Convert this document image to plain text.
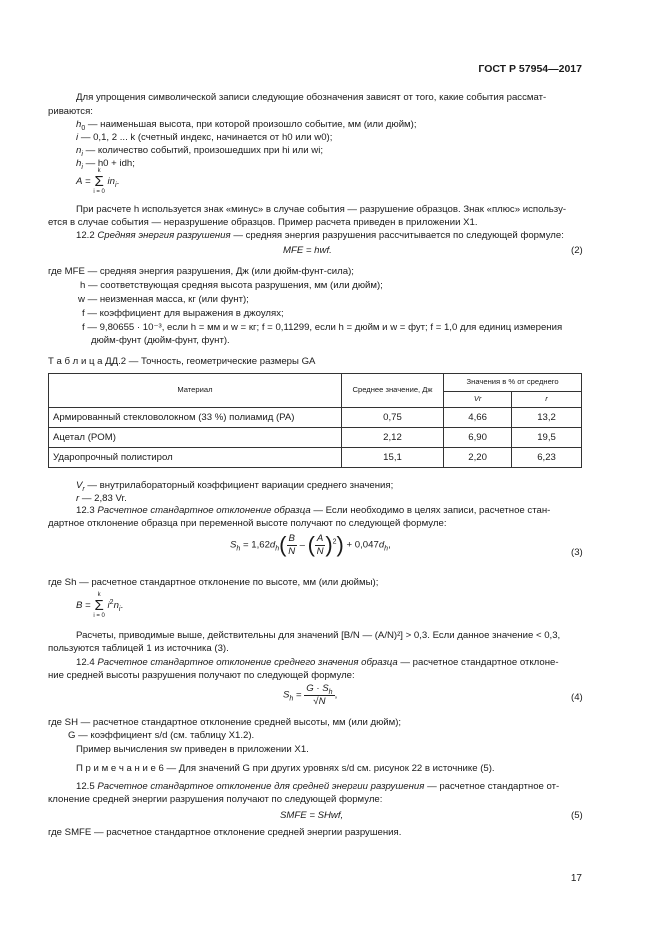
ГОСТ Р 57954—2017
Для упрощения символической записи следующие обозначения зависят от того, какие события рассмат-
риваются:
$h_0$ — наименьшая высота, при которой произошло событие, мм (или дюйм);
i — 0,1, 2 ... k (счетный индекс, начинается от h0 или w0);
$n_i$ — количество событий, произошедших при hi или wi;
$h_i$ — h0 + idh;
A =
k
Σ
i = 0
$in_i$.
При расчете h используется знак «минус» в случае события — разрушение образцов. Знак «плюс» использу-
ется в случае события — неразрушение образцов. Пример расчета приведен в приложении X1.
12.2 Средняя энергия разрушения — средняя энергия разрушения рассчитывается по следующей формуле:
MFE = hwf.	(2)
где MFE — средняя энергия разрушения, Дж (или дюйм-фунт-сила);
h — соответствующая средняя высота разрушения, мм (или дюйм);
w — неизменная масса, кг (или фунт);
f — коэффициент для выражения в джоулях;
f — 9,80655 · 10⁻³, если h = мм и w = кг; f = 0,11299, если h = дюйм и w = фут; f = 1,0 для единиц измерения
дюйм-фунт (дюйм-фунт, фунт).
Т а б л и ц а ДД.2 — Точность, геометрические размеры GA
Материал	Среднее значение, Дж	Значения в % от среднего	
		Vr	r
Армированный стекловолокном (33 %) полиамид (PA)	0,75	4,66	13,2
Ацетал (POM)	2,12	6,90	19,5
Ударопрочный полистирол	15,1	2,20	6,23
$V_r$ — внутрилабораторный коэффициент вариации среднего значения;
r — 2,83 Vr.
12.3 Расчетное стандартное отклонение образца — Если необходимо в целях записи, расчетное стан-
дартное отклонение образца при переменной высоте получают по следующей формуле:
$S_h = 1,62d_h( \frac{B}{N}$ – ( $\frac{A}{N} )^2) + 0,047d_h$,
(3)
где Sh — расчетное стандартное отклонение по высоте, мм (или дюймы);
B =
k
Σ
i = 0
$i^2n_i$.
Расчеты, приводимые выше, действительны для значений [B/N — (A/N)²] > 0,3. Если данное значение < 0,3,
пользуются таблицей 1 из источника (3).
12.4 Расчетное стандартное отклонение среднего значения образца — расчетное стандартное отклоне-
ние средней высоты разрушения получают по следующей формуле:
$S_h = \frac{G \cdot S_h}{√N}$ ,	(4)
где SH — расчетное стандартное отклонение средней высоты, мм (или дюйм);
G — коэффициент s/d (см. таблицу X1.2).
Пример вычисления sw приведен в приложении X1.
П р и м е ч а н и е 6 — Для значений G при других уровнях s/d см. рисунок 22 в источнике (5).
12.5 Расчетное стандартное отклонение для средней энергии разрушения — расчетное стандартное от-
клонение средней энергии разрушения получают по следующей формуле:
SMFE = SHwf,	(5)
где SMFE — расчетное стандартное отклонение средней энергии разрушения.
17
